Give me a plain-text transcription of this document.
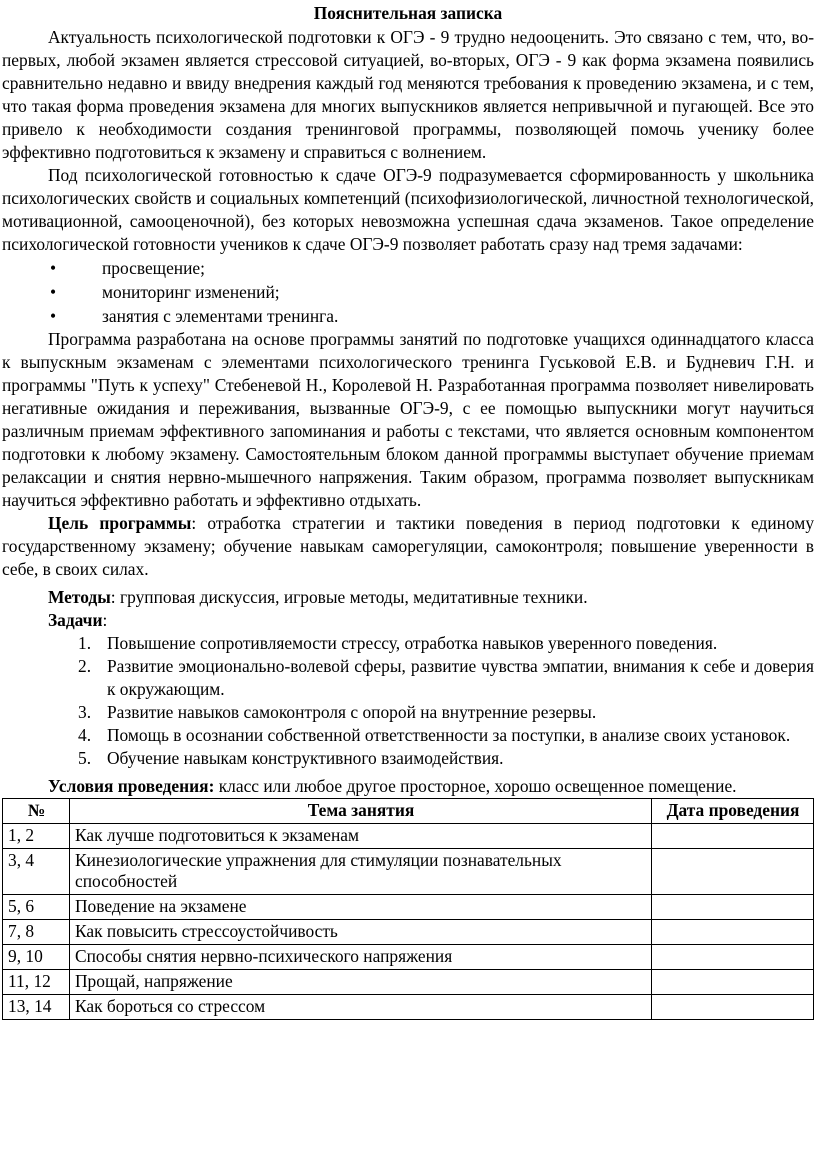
Пояснительная записка

Актуальность психологической подготовки к ОГЭ - 9 трудно недооценить. Это связано с тем, что, во-первых, любой экзамен является стрессовой ситуацией, во-вторых, ОГЭ - 9 как форма экзамена появились сравнительно недавно и ввиду внедрения каждый год меняются требования к проведению экзамена, и с тем, что такая форма проведения экзамена для многих выпускников является непривычной и пугающей. Все это привело к необходимости создания тренинговой программы, позволяющей помочь ученику более эффективно подготовиться к экзамену и справиться с волнением.

Под психологической готовностью к сдаче ОГЭ-9 подразумевается сформированность у школьника психологических свойств и социальных компетенций (психофизиологической, личностной технологической, мотивационной, самооценочной), без которых невозможна успешная сдача экзаменов. Такое определение психологической готовности учеников к сдаче ОГЭ-9 позволяет работать сразу над тремя задачами:

•	просвещение;
•	мониторинг изменений;
•	занятия с элементами тренинга.

Программа разработана на основе программы занятий по подготовке учащихся одиннадцатого класса к выпускным экзаменам с элементами психологического тренинга Гуськовой Е.В. и Будневич Г.Н. и программы "Путь к успеху" Стебеневой Н., Королевой Н. Разработанная программа позволяет нивелировать негативные ожидания и переживания, вызванные ОГЭ-9, с ее помощью выпускники могут научиться различным приемам эффективного запоминания и работы с текстами, что является основным компонентом подготовки к любому экзамену. Самостоятельным блоком данной программы выступает обучение приемам релаксации и снятия нервно-мышечного напряжения. Таким образом, программа позволяет выпускникам научиться эффективно работать и эффективно отдыхать.

Цель программы: отработка стратегии и тактики поведения в период подготовки к единому государственному экзамену; обучение навыкам саморегуляции, самоконтроля; повышение уверенности в себе, в своих силах.

Методы: групповая дискуссия, игровые методы, медитативные техники.

Задачи:

1. Повышение сопротивляемости стрессу, отработка навыков уверенного поведения.
2. Развитие эмоционально-волевой сферы, развитие чувства эмпатии, внимания к себе и доверия к окружающим.
3. Развитие навыков самоконтроля с опорой на внутренние резервы.
4. Помощь в осознании собственной ответственности за поступки, в анализе своих установок.
5. Обучение навыкам конструктивного взаимодействия.

Условия проведения: класс или любое другое просторное, хорошо освещенное помещение.

№	Тема занятия	Дата проведения
1, 2	Как лучше подготовиться к экзаменам	
3, 4	Кинезиологические упражнения для стимуляции познавательных способностей	
5, 6	Поведение на экзамене	
7, 8	Как повысить стрессоустойчивость	
9, 10	Способы снятия нервно-психического напряжения	
11, 12	Прощай, напряжение	
13, 14	Как бороться со стрессом	
